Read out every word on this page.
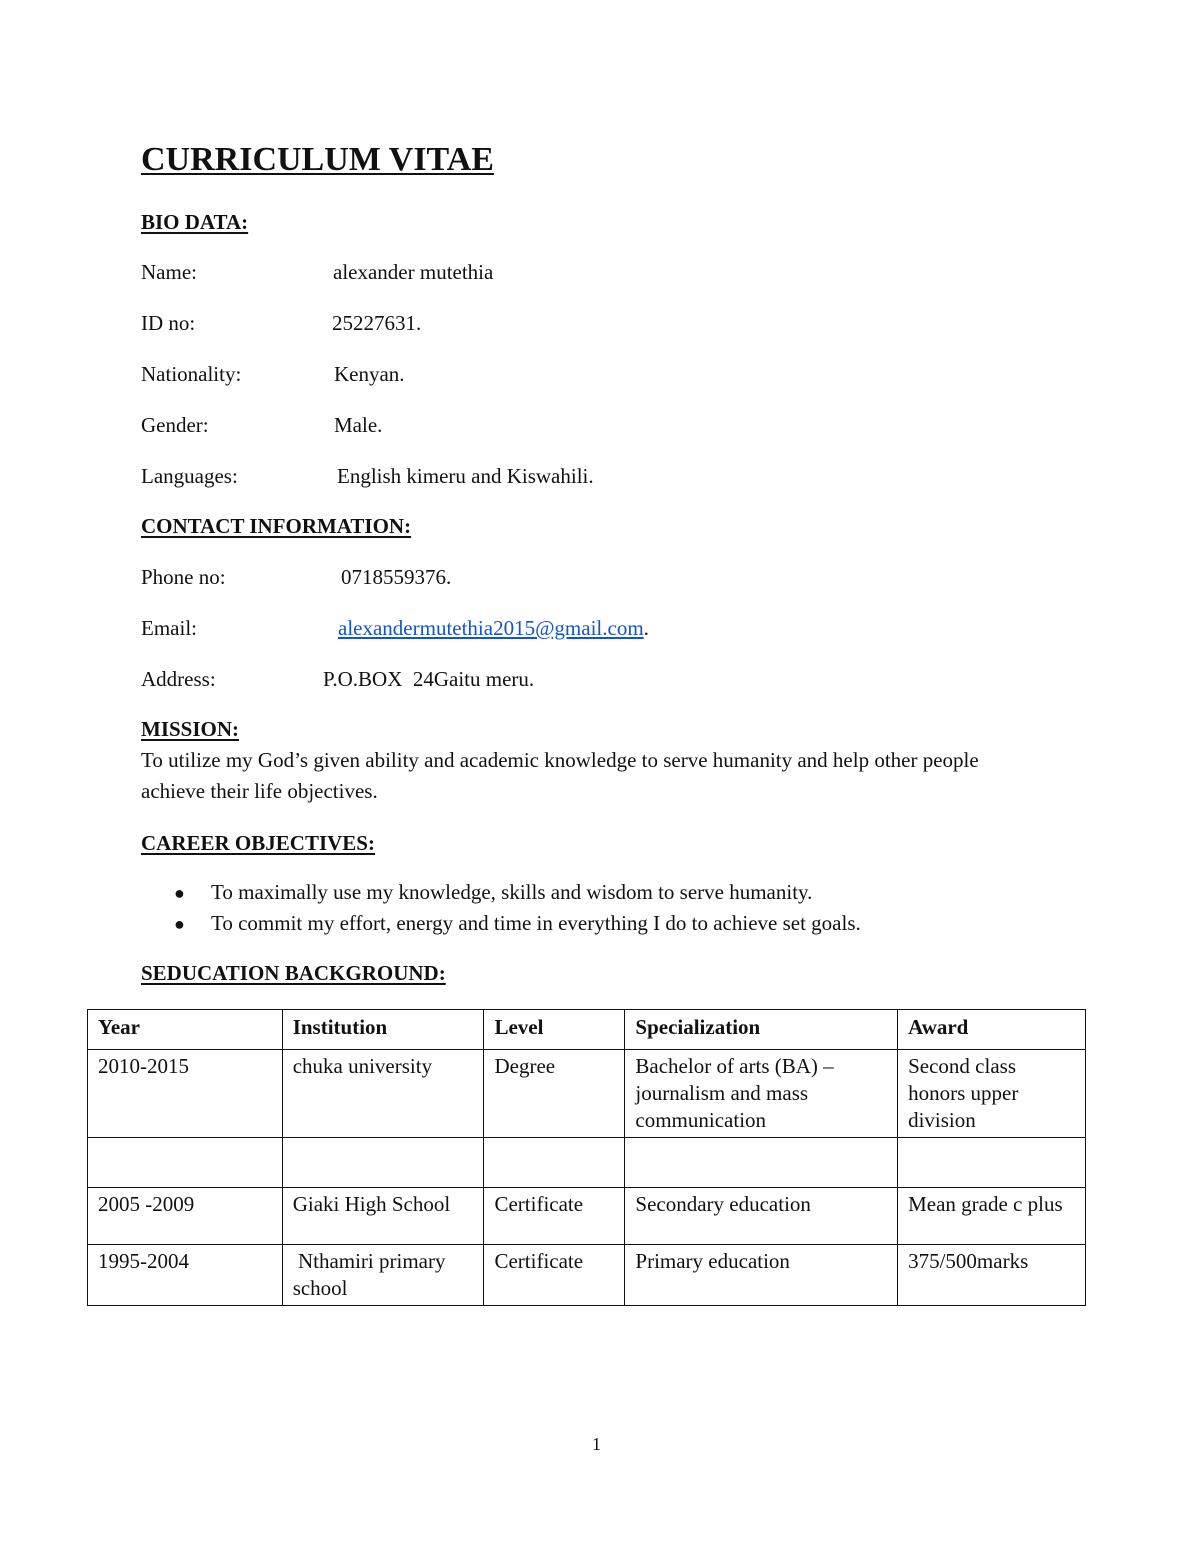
CURRICULUM VITAE
BIO DATA:
Name:	alexander mutethia
ID no:	25227631.
Nationality:	Kenyan.
Gender:	Male.
Languages:	English kimeru and Kiswahili.
CONTACT INFORMATION:
Phone no:	0718559376.
Email:	alexandermutethia2015@gmail.com.
Address:	P.O.BOX  24Gaitu meru.
MISSION:
To utilize my God’s given ability and academic knowledge to serve humanity and help other people achieve their life objectives.
CAREER OBJECTIVES:
● To maximally use my knowledge, skills and wisdom to serve humanity.
● To commit my effort, energy and time in everything I do to achieve set goals.
SEDUCATION BACKGROUND:
Year	Institution	Level	Specialization	Award
2010-2015	chuka university	Degree	Bachelor of arts (BA) – journalism and mass communication	Second class honors upper division

2005 -2009	Giaki High School	Certificate	Secondary education	Mean grade c plus
1995-2004	Nthamiri primary school	Certificate	Primary education	375/500marks
1
